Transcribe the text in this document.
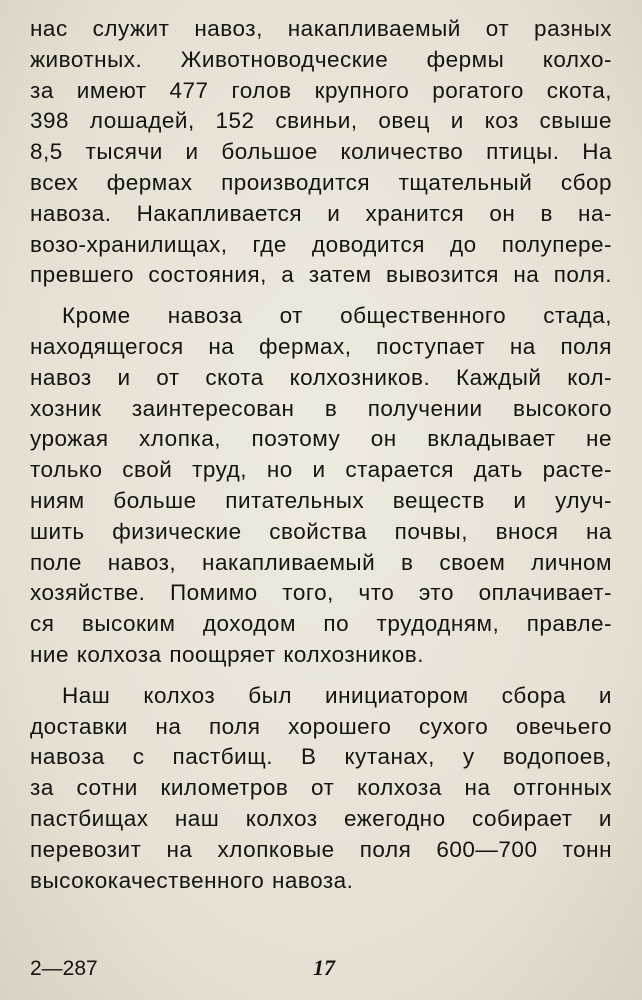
нас служит навоз, накапливаемый от разных
животных. Животноводческие фермы колхо-
за имеют 477 голов крупного рогатого скота,
398 лошадей, 152 свиньи, овец и коз свыше
8,5 тысячи и большое количество птицы. На
всех фермах производится тщательный сбор
навоза. Накапливается и хранится он в на-
возо-хранилищах, где доводится до полупере-
превшего состояния, а затем вывозится на поля.

Кроме навоза от общественного стада,
находящегося на фермах, поступает на поля
навоз и от скота колхозников. Каждый кол-
хозник заинтересован в получении высокого
урожая хлопка, поэтому он вкладывает не
только свой труд, но и старается дать расте-
ниям больше питательных веществ и улуч-
шить физические свойства почвы, внося на
поле навоз, накапливаемый в своем личном
хозяйстве. Помимо того, что это оплачивает-
ся высоким доходом по трудодням, правле-
ние колхоза поощряет колхозников.

Наш колхоз был инициатором сбора и
доставки на поля хорошего сухого овечьего
навоза с пастбищ. В кутанах, у водопоев,
за сотни километров от колхоза на отгонных
пастбищах наш колхоз ежегодно собирает и
перевозит на хлопковые поля 600—700 тонн
высококачественного навоза.

2—287	17
